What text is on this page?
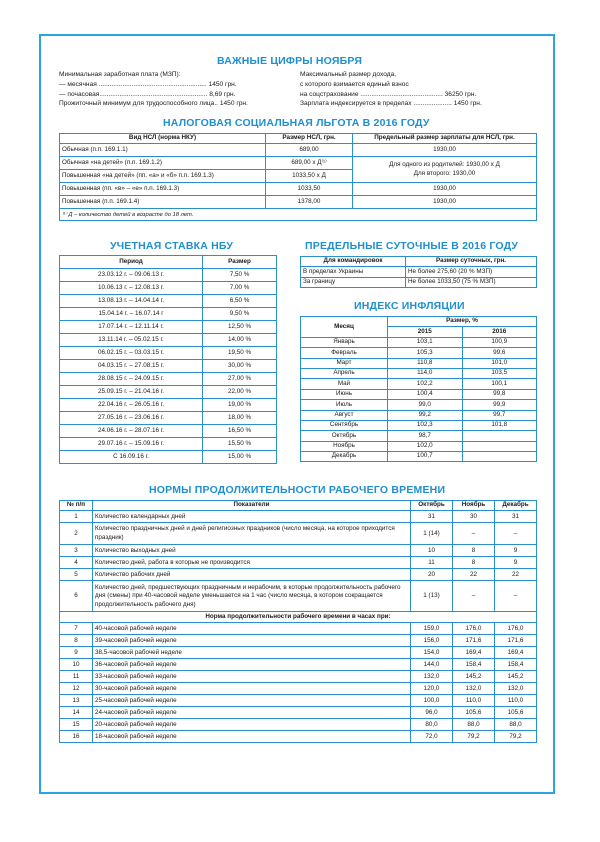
ВАЖНЫЕ ЦИФРЫ НОЯБРЯ
Минимальная заработная плата (МЗП):
— месячная ........................................................... 1450 грн.
— почасовая........................................................... 8,69 грн.
Прожиточный минимум для трудоспособного лица.. 1450 грн.
Максимальный размер дохода,
с которого взимается единый взнос
на соцстрахование ............................................. 36250 грн.
Зарплата индексируется в пределах ..................... 1450 грн.
НАЛОГОВАЯ СОЦИАЛЬНАЯ ЛЬГОТА В 2016 ГОДУ
Вид НСЛ (норма НКУ)	Размер НСЛ, грн.	Предельный размер зарплаты для НСЛ, грн.
Обычная (п.п. 169.1.1)	689,00	1930,00
Обычная «на детей» (п.п. 169.1.2)	689,00 х Д⁽¹⁾	Для одного из родителей: 1930,00 х Д
Для второго: 1930,00

Повышенная «на детей» (пп. «а» и «б» п.п. 169.1.3)	1033,50 х Д	
Повышенная (пп. «в» – «е» п.п. 169.1.3)	1033,50	1930,00
Повышенная (п.п. 169.1.4)	1378,00	1930,00
⁽¹⁾ Д – количество детей в возрасте до 18 лет.		
УЧЕТНАЯ СТАВКА НБУ
Период	Размер
23.03.12 г. – 09.06.13 г.	7,50 %
10.06.13 г. – 12.08.13 г.	7,00 %
13.08.13 г. – 14.04.14 г.	6,50 %
15.04.14 г. – 16.07.14 г	9,50 %
17.07.14 г. – 12.11.14 г.	12,50 %
13.11.14 г. – 05.02.15 г.	14,00 %
06.02.15 г. – 03.03.15 г.	19,50 %
04.03.15 г. – 27.08.15 г.	30,00 %
28.08.15 г. – 24.09.15 г.	27,00 %
25.09.15 г. – 21.04.16 г.	22,00 %
22.04.16 г. – 26.05.16 г.	19,00 %
27.05.16 г. – 23.06.16 г.	18,00 %
24.06.16 г. – 28.07.16 г.	16,50 %
29.07.16 г. – 15.09.16 г.	15,50 %
С 16.09.16 г.	15,00 %
ПРЕДЕЛЬНЫЕ СУТОЧНЫЕ В 2016 ГОДУ
Для командировок	Размер суточных, грн.
В пределах Украины	Не более 275,60 (20 % МЗП)
За границу	Не более 1033,50 (75 % МЗП)
ИНДЕКС ИНФЛЯЦИИ
Месяц	Размер, %	
	2015	2016
Январь	103,1	100,9
Февраль	105,3	99,6
Март	110,8	101,0
Апрель	114,0	103,5
Май	102,2	100,1
Июнь	100,4	99,8
Июль	99,0	99,9
Август	99,2	99,7
Сентябрь	102,3	101,8
Октябрь	98,7	
Ноябрь	102,0	
Декабрь	100,7	
НОРМЫ ПРОДОЛЖИТЕЛЬНОСТИ РАБОЧЕГО ВРЕМЕНИ
№ п/п	Показатели	Октябрь	Ноябрь	Декабрь
1	Количество календарных дней	31	30	31
2	Количество праздничных дней и дней религиозных праздников (число месяца, на которое приходится праздник)	1 (14)	–	–
3	Количество выходных дней	10	8	9
4	Количество дней, работа в которые не производится	11	8	9
5	Количество рабочих дней	20	22	22
6	Количество дней, предшествующих праздничным и нерабочим, в которые продолжительность рабочего дня (смены) при 40-часовой неделе уменьшается на 1 час (число месяца, в котором сокращается продолжительность рабочего дня)	1 (13)	–	–
Норма продолжительности рабочего времени в часах при:				
7	40-часовой рабочей неделе	159,0	176,0	176,0
8	39-часовой рабочей неделе	156,0	171,6	171,6
9	38,5-часовой рабочей неделе	154,0	169,4	169,4
10	36-часовой рабочей неделе	144,0	158,4	158,4
11	33-часовой рабочей неделе	132,0	145,2	145,2
12	30-часовой рабочей неделе	120,0	132,0	132,0
13	25-часовой рабочей неделе	100,0	110,0	110,0
14	24-часовой рабочей неделе	96,0	105,6	105,6
15	20-часовой рабочей неделе	80,0	88,0	88,0
16	18-часовой рабочей неделе	72,0	79,2	79,2
